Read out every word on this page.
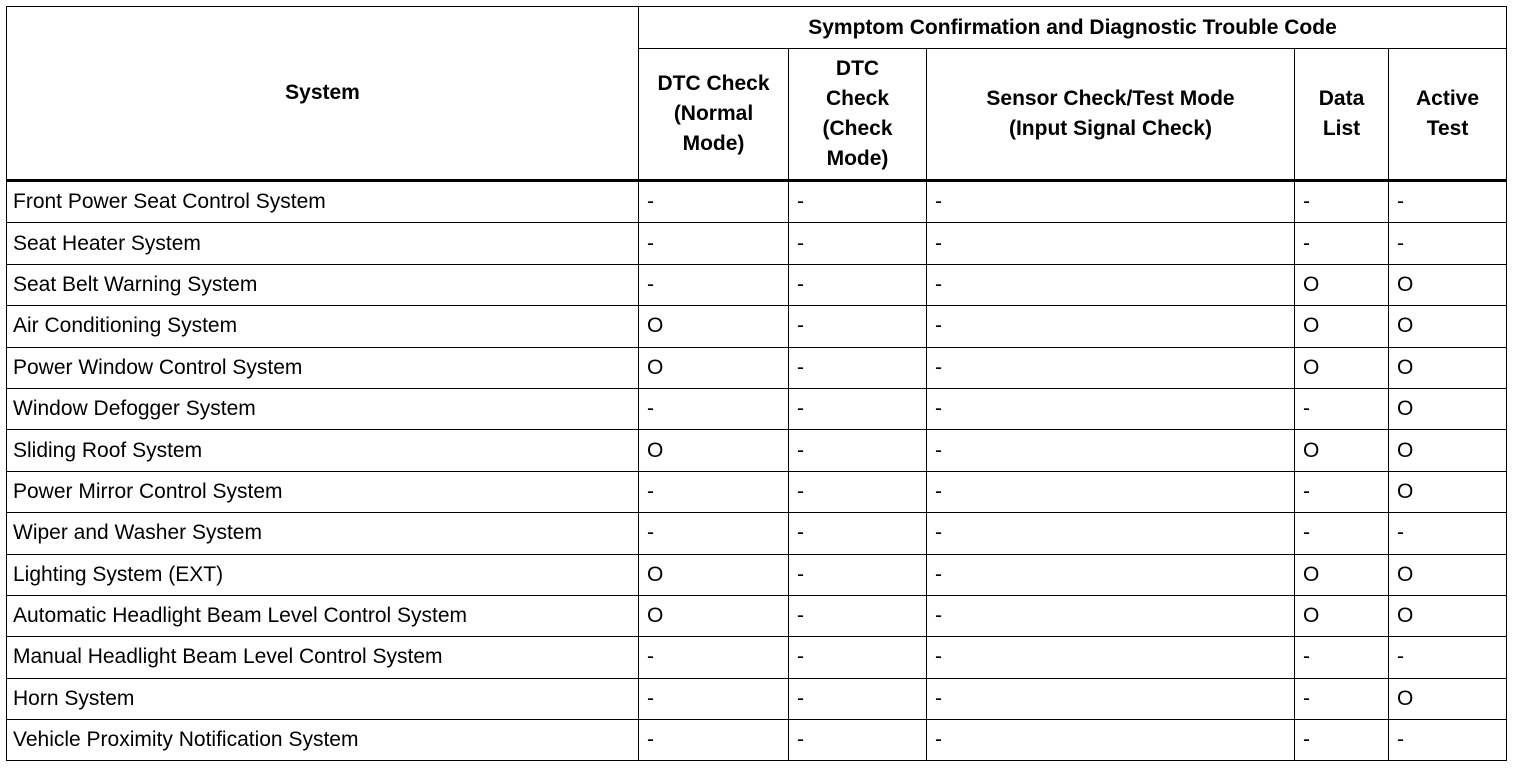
System	Symptom Confirmation and Diagnostic Trouble Code				
	DTC Check
(Normal
Mode)	DTC
Check
(Check
Mode)	Sensor Check/Test Mode
(Input Signal Check)	Data
List	Active
Test
Front Power Seat Control System	-	-	-	-	-
Seat Heater System	-	-	-	-	-
Seat Belt Warning System	-	-	-	O	O
Air Conditioning System	O	-	-	O	O
Power Window Control System	O	-	-	O	O
Window Defogger System	-	-	-	-	O
Sliding Roof System	O	-	-	O	O
Power Mirror Control System	-	-	-	-	O
Wiper and Washer System	-	-	-	-	-
Lighting System (EXT)	O	-	-	O	O
Automatic Headlight Beam Level Control System	O	-	-	O	O
Manual Headlight Beam Level Control System	-	-	-	-	-
Horn System	-	-	-	-	O
Vehicle Proximity Notification System	-	-	-	-	-
